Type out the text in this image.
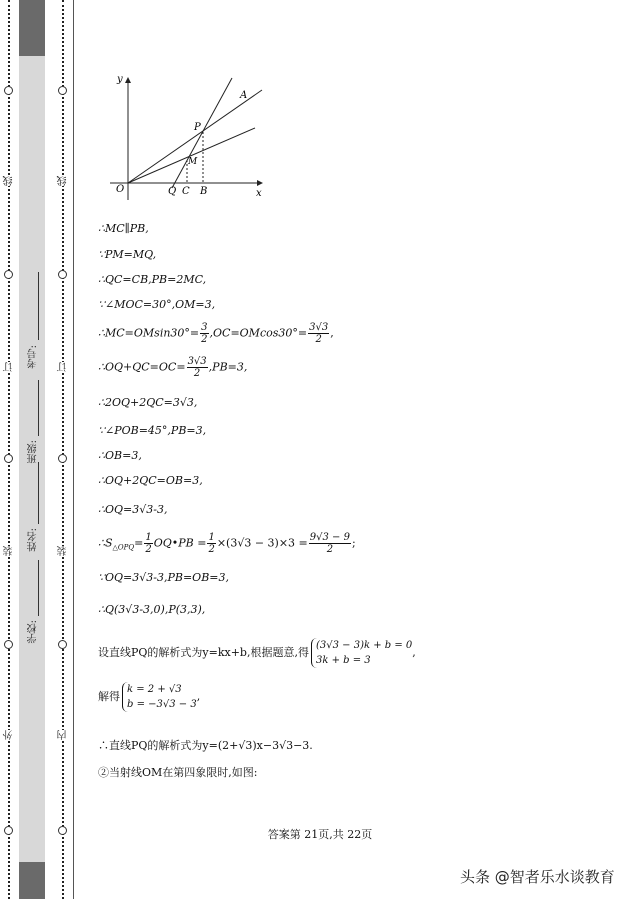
线	线
订	订
装	装
外	内
学校:
姓名:
班级:
考号:
y
x
O	Q C B
P
M
A
∴MC∥PB,
∵PM=MQ,
∴QC=CB,PB=2MC,
∵∠MOC=30°,OM=3,
∴MC=OMsin30°= $\frac{3}{2} ,OC=OMcos30^\circ= \frac{3√3}{2}$ ,
∴OQ+QC=OC= $\frac{3√3}{2} ,PB=3$,
∴2OQ+2QC=3√3,
∵∠POB=45°,PB=3,
∴OB=3,
∴OQ+2QC=OB=3,
∴OQ=3√3-3,
$\therefore S_{\triangle OPQ}= \frac{1}{2}$ OQ•PB = $\frac{1}{2} \times(3√3 - 3)\times 3 = \frac{9√3 - 9}{2}$ ;
∵OQ=3√3-3,PB=OB=3,
∴Q(3√3-3,0),P(3,3),
设直线PQ的解析式为y=kx+b,根据题意,得
(3√3 − 3)k + b = 0
3k + b = 3
,
解得
k = 2 + √3
b = −3√3 − 3
,
∴直线PQ的解析式为y=(2+√3)x−3√3−3.
②当射线OM在第四象限时,如图:
答案第 21页,共 22页
头条 @智者乐水谈教育
